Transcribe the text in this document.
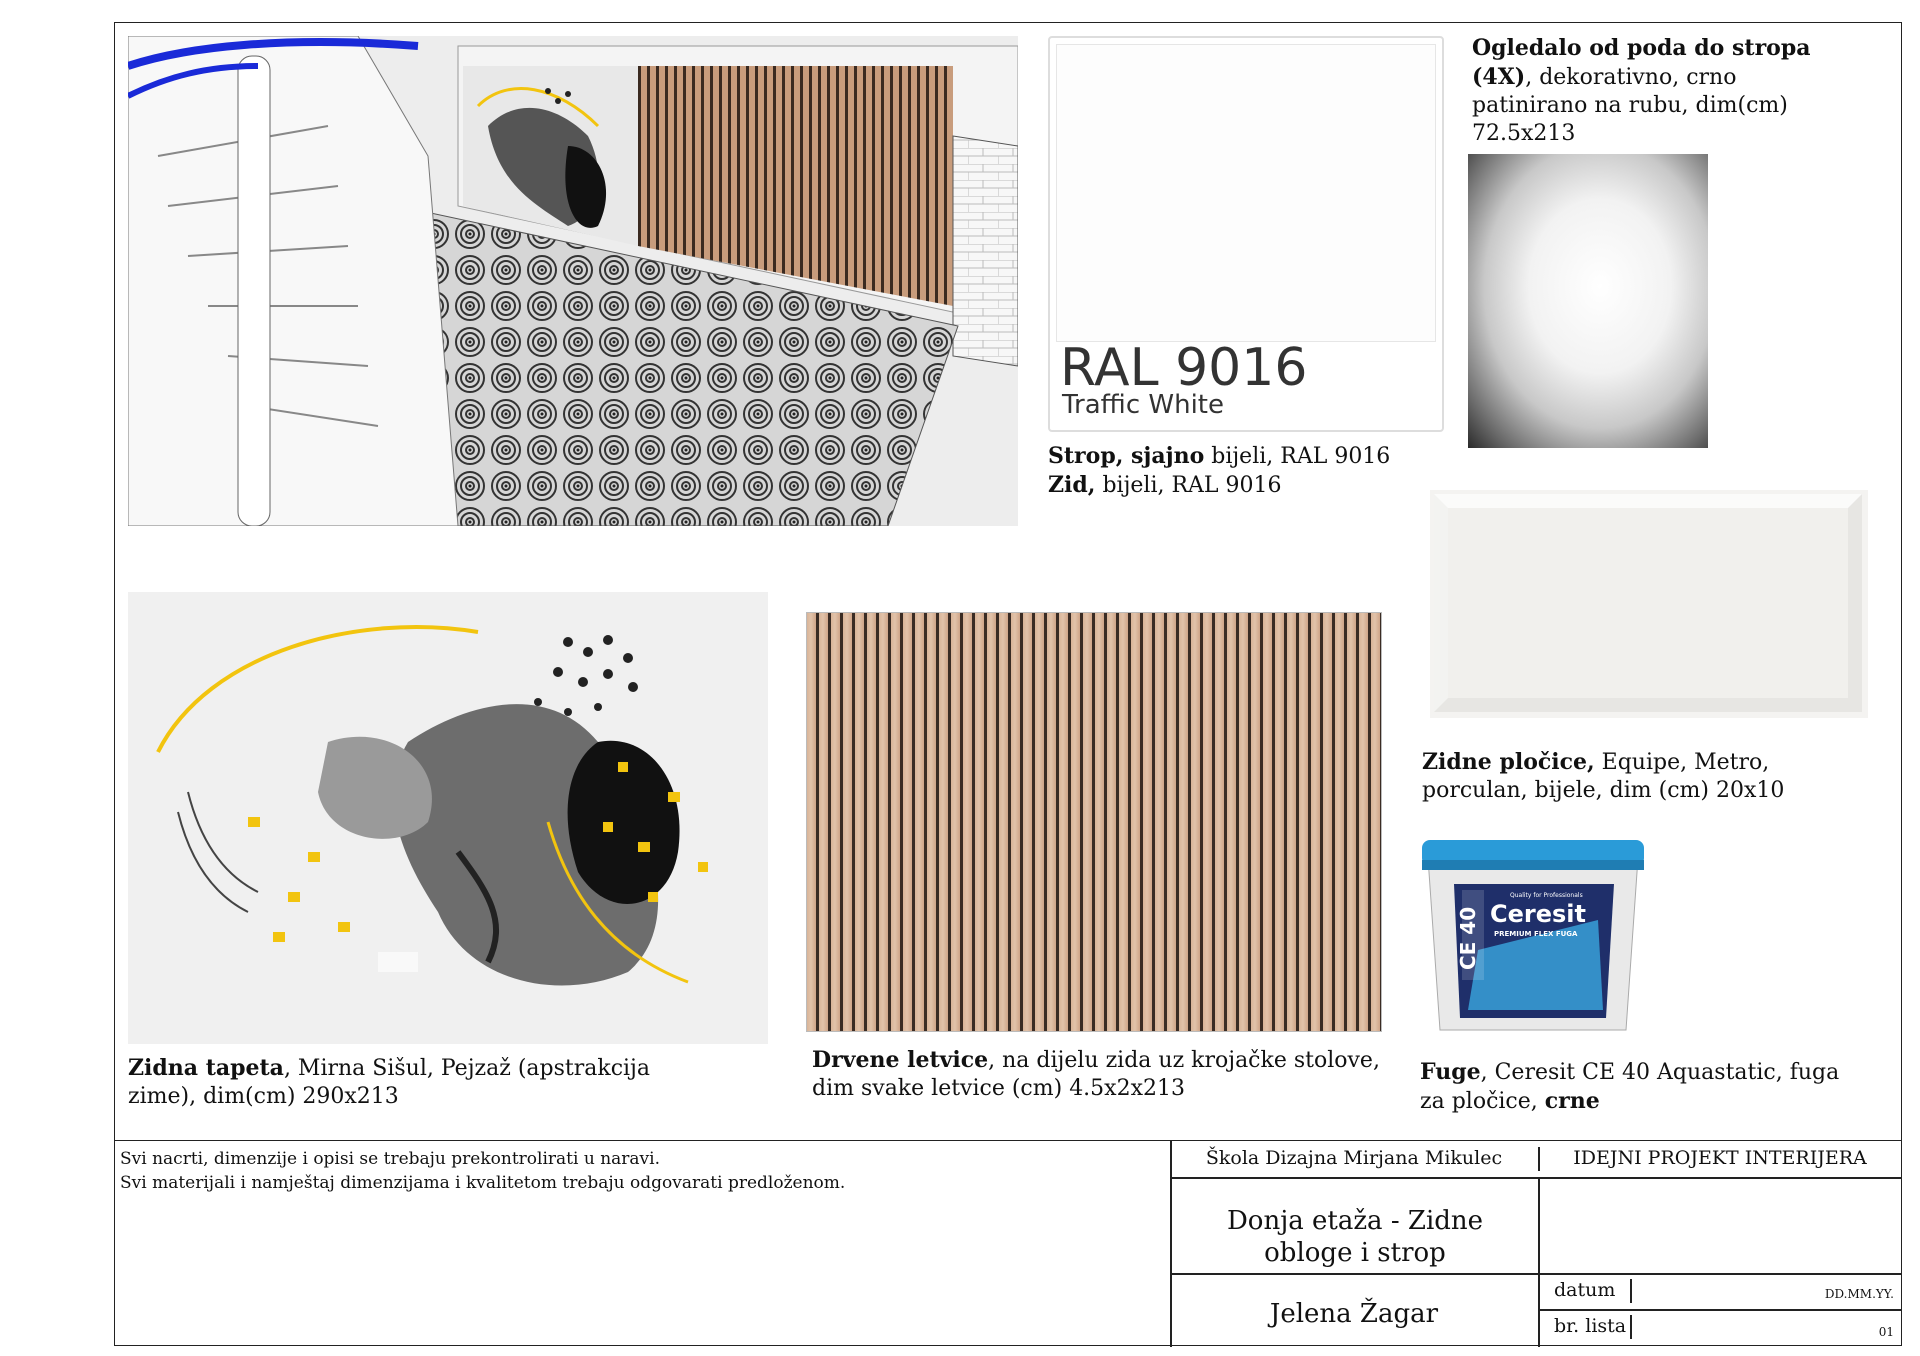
RAL 9016
Traffic White
Strop, sjajno bijeli, RAL 9016
Zid, bijeli, RAL 9016
Ogledalo od poda do stropa
(4X), dekorativno, crno patinirano na rubu, dim(cm) 72.5x213
Zidne pločice, Equipe, Metro, porculan, bijele, dim (cm) 20x10
Zidna tapeta, Mirna Sišul, Pejzaž (apstrakcija zime), dim(cm) 290x213
Drvene letvice, na dijelu zida uz krojačke stolove, dim svake letvice (cm) 4.5x2x213
Quality for Professionals
Ceresit
PREMIUM FLEX FUGA
CE 40
Fuge, Ceresit CE 40 Aquastatic, fuga za pločice, crne
Svi nacrti, dimenzije i opisi se trebaju prekontrolirati u naravi.
Svi materijali i namještaj dimenzijama i kvalitetom trebaju odgovarati predloženom.
Škola Dizajna Mirjana Mikulec	IDEJNI PROJEKT INTERIJERA
Donja etaža - Zidne obloge i strop
Jelena Žagar
datum	DD.MM.YY.
br. lista	01
